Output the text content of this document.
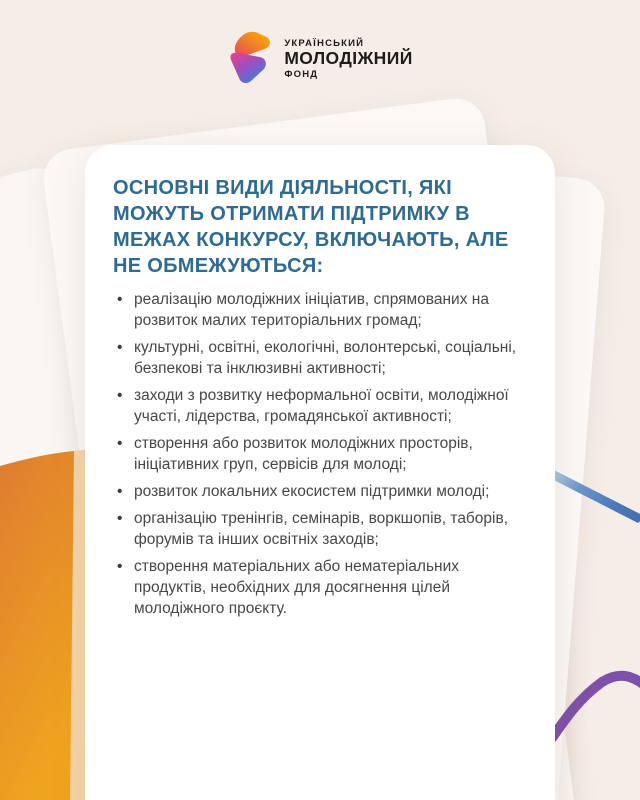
УКРАЇНСЬКИЙ
МОЛОДІЖНИЙ
ФОНД
ОСНОВНІ ВИДИ ДІЯЛЬНОСТІ, ЯКІ
МОЖУТЬ ОТРИМАТИ ПІДТРИМКУ В
МЕЖАХ КОНКУРСУ, ВКЛЮЧАЮТЬ, АЛЕ
НЕ ОБМЕЖУЮТЬСЯ:
• реалізацію молодіжних ініціатив, спрямованих на
розвиток малих територіальних громад;
• культурні, освітні, екологічні, волонтерські, соціальні,
безпекові та інклюзивні активності;
• заходи з розвитку неформальної освіти, молодіжної
участі, лідерства, громадянської активності;
• створення або розвиток молодіжних просторів,
ініціативних груп, сервісів для молоді;
• розвиток локальних екосистем підтримки молоді;
• організацію тренінгів, семінарів, воркшопів, таборів,
форумів та інших освітніх заходів;
• створення матеріальних або нематеріальних
продуктів, необхідних для досягнення цілей
молодіжного проєкту.
